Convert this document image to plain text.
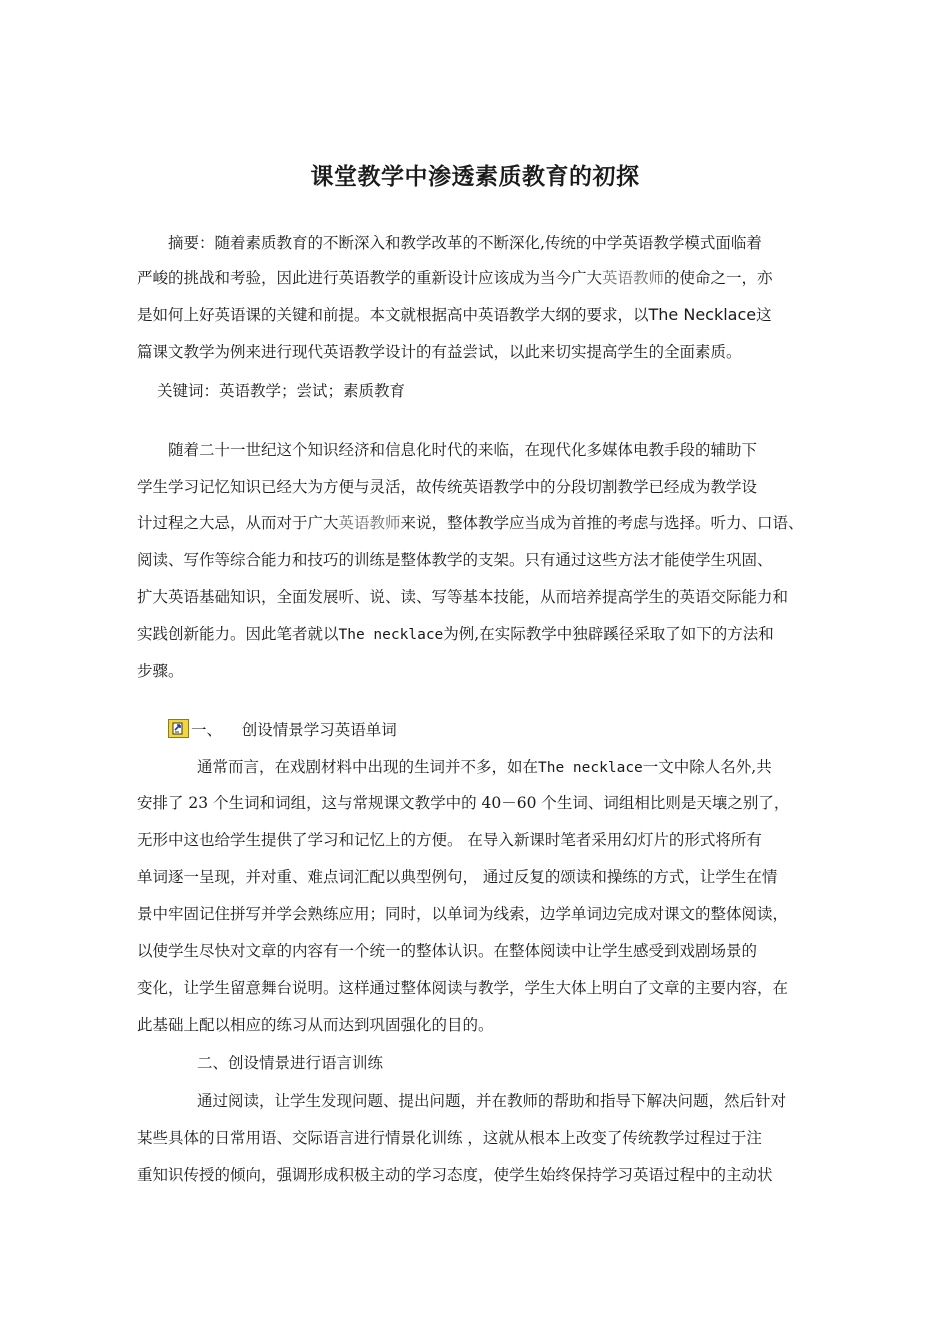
课堂教学中渗透素质教育的初探
摘要：随着素质教育的不断深入和教学改革的不断深化,传统的中学英语教学模式面临着
严峻的挑战和考验，因此进行英语教学的重新设计应该成为当今广大英语教师的使命之一，亦
是如何上好英语课的关键和前提。本文就根据高中英语教学大纲的要求，以The Necklace这
篇课文教学为例来进行现代英语教学设计的有益尝试，以此来切实提高学生的全面素质。
关键词：英语教学；尝试；素质教育
随着二十一世纪这个知识经济和信息化时代的来临，在现代化多媒体电教手段的辅助下
学生学习记忆知识已经大为方便与灵活，故传统英语教学中的分段切割教学已经成为教学设
计过程之大忌，从而对于广大英语教师来说，整体教学应当成为首推的考虑与选择。听力、口语、
阅读、写作等综合能力和技巧的训练是整体教学的支架。只有通过这些方法才能使学生巩固、
扩大英语基础知识，全面发展听、说、读、写等基本技能，从而培养提高学生的英语交际能力和
实践创新能力。因此笔者就以The necklace为例,在实际教学中独辟蹊径采取了如下的方法和
步骤。
一、    创设情景学习英语单词
通常而言，在戏剧材料中出现的生词并不多，如在The necklace一文中除人名外,共
安排了 23 个生词和词组，这与常规课文教学中的 40－60 个生词、词组相比则是天壤之别了，
无形中这也给学生提供了学习和记忆上的方便。 在导入新课时笔者采用幻灯片的形式将所有
单词逐一呈现，并对重、难点词汇配以典型例句， 通过反复的颂读和操练的方式，让学生在情
景中牢固记住拼写并学会熟练应用；同时，以单词为线索，边学单词边完成对课文的整体阅读，
以使学生尽快对文章的内容有一个统一的整体认识。在整体阅读中让学生感受到戏剧场景的
变化，让学生留意舞台说明。这样通过整体阅读与教学，学生大体上明白了文章的主要内容，在
此基础上配以相应的练习从而达到巩固强化的目的。
二、创设情景进行语言训练
通过阅读，让学生发现问题、提出问题，并在教师的帮助和指导下解决问题，然后针对
某些具体的日常用语、交际语言进行情景化训练 ，这就从根本上改变了传统教学过程过于注
重知识传授的倾向，强调形成积极主动的学习态度，使学生始终保持学习英语过程中的主动状
